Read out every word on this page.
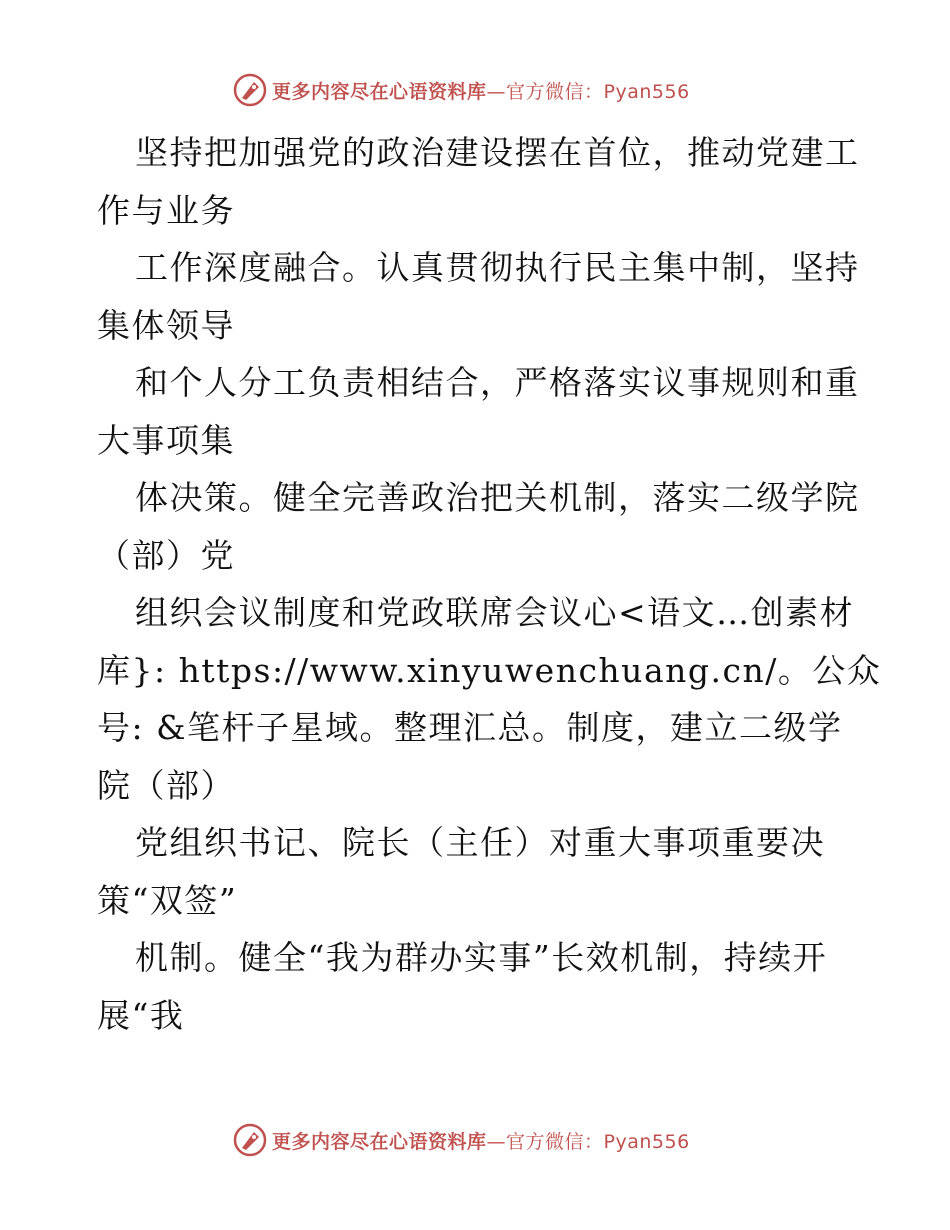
更多内容尽在心语资料库—官方微信：Pyan556
坚持把加强党的政治建设摆在首位，推动党建工
作与业务
工作深度融合。认真贯彻执行民主集中制，坚持
集体领导
和个人分工负责相结合，严格落实议事规则和重
大事项集
体决策。健全完善政治把关机制，落实二级学院
（部）党
组织会议制度和党政联席会议心<语文…创素材
库}: https://www.xinyuwenchuang.cn/。公众
号: &笔杆子星域。整理汇总。制度，建立二级学
院（部）
党组织书记、院长（主任）对重大事项重要决
策“双签”
机制。健全“我为群办实事”长效机制，持续开
展“我
更多内容尽在心语资料库—官方微信：Pyan556
